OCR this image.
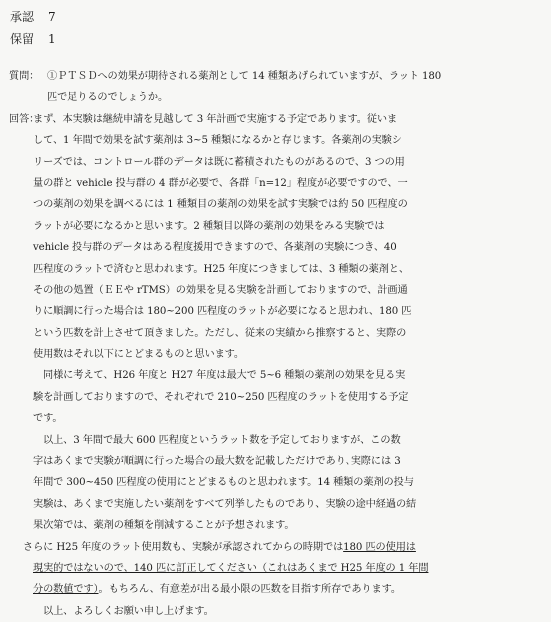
承認 7
保留 1
質問： ①ＰＴＳＤへの効果が期待される薬剤として 14 種類あげられていますが、ラット 180
匹で足りるのでしょうか。
回答：
まず、本実験は継続申請を見越して 3 年計画で実施する予定であります。従いま
して、1 年間で効果を試す薬剤は 3~5 種類になるかと存じます。各薬剤の実験シ
リーズでは、コントロール群のデータは既に蓄積されたものがあるので、3 つの用
量の群と vehicle 投与群の 4 群が必要で、各群「n=12」程度が必要ですので、一
つの薬剤の効果を調べるには 1 種類目の薬剤の効果を試す実験では約 50 匹程度の
ラットが必要になるかと思います。2 種類目以降の薬剤の効果をみる実験では
vehicle 投与群のデータはある程度援用できますので、各薬剤の実験につき、40
匹程度のラットで済むと思われます。H25 年度につきましては、3 種類の薬剤と、
その他の処置（ＥＥや rTMS）の効果を見る実験を計画しておりますので、計画通
りに順調に行った場合は 180~200 匹程度のラットが必要になると思われ、180 匹
という匹数を計上させて頂きました。ただし、従来の実績から推察すると、実際の
使用数はそれ以下にとどまるものと思います。
同様に考えて、H26 年度と H27 年度は最大で 5~6 種類の薬剤の効果を見る実
験を計画しておりますので、それぞれで 210~250 匹程度のラットを使用する予定
です。
以上、3 年間で最大 600 匹程度というラット数を予定しておりますが、この数
字はあくまで実験が順調に行った場合の最大数を記載しただけであり､実際には 3
年間で 300~450 匹程度の使用にとどまるものと思われます。14 種類の薬剤の投与
実験は、あくまで実施したい薬剤をすべて列挙したものであり、実験の途中経過の結
果次第では、薬剤の種類を削減することが予想されます。
さらに H25 年度のラット使用数も、実験が承認されてからの時期では180 匹の使用は
現実的ではないので、140 匹に訂正してください（これはあくまで H25 年度の 1 年間
分の数値です）。もちろん、有意差が出る最小限の匹数を目指す所存であります。
以上、よろしくお願い申し上げます。
